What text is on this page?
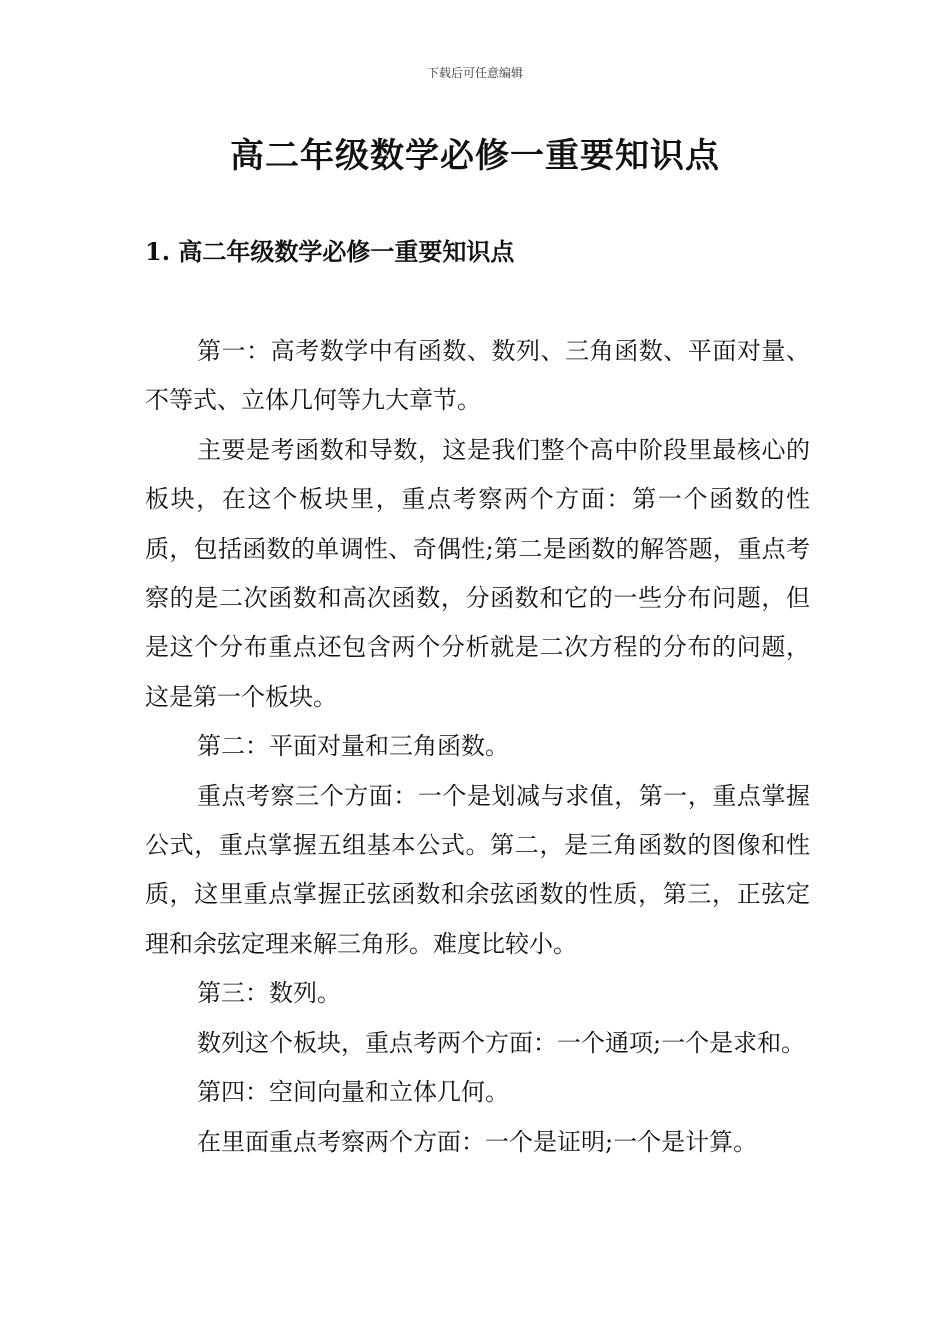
下载后可任意编辑
高二年级数学必修一重要知识点
1. 高二年级数学必修一重要知识点

第一：高考数学中有函数、数列、三角函数、平面对量、不等式、立体几何等九大章节。

主要是考函数和导数，这是我们整个高中阶段里最核心的板块，在这个板块里，重点考察两个方面：第一个函数的性质，包括函数的单调性、奇偶性;第二是函数的解答题，重点考察的是二次函数和高次函数，分函数和它的一些分布问题，但是这个分布重点还包含两个分析就是二次方程的分布的问题，这是第一个板块。

第二：平面对量和三角函数。

重点考察三个方面：一个是划减与求值，第一，重点掌握公式，重点掌握五组基本公式。第二，是三角函数的图像和性质，这里重点掌握正弦函数和余弦函数的性质，第三，正弦定理和余弦定理来解三角形。难度比较小。

第三：数列。

数列这个板块，重点考两个方面：一个通项;一个是求和。

第四：空间向量和立体几何。

在里面重点考察两个方面：一个是证明;一个是计算。
